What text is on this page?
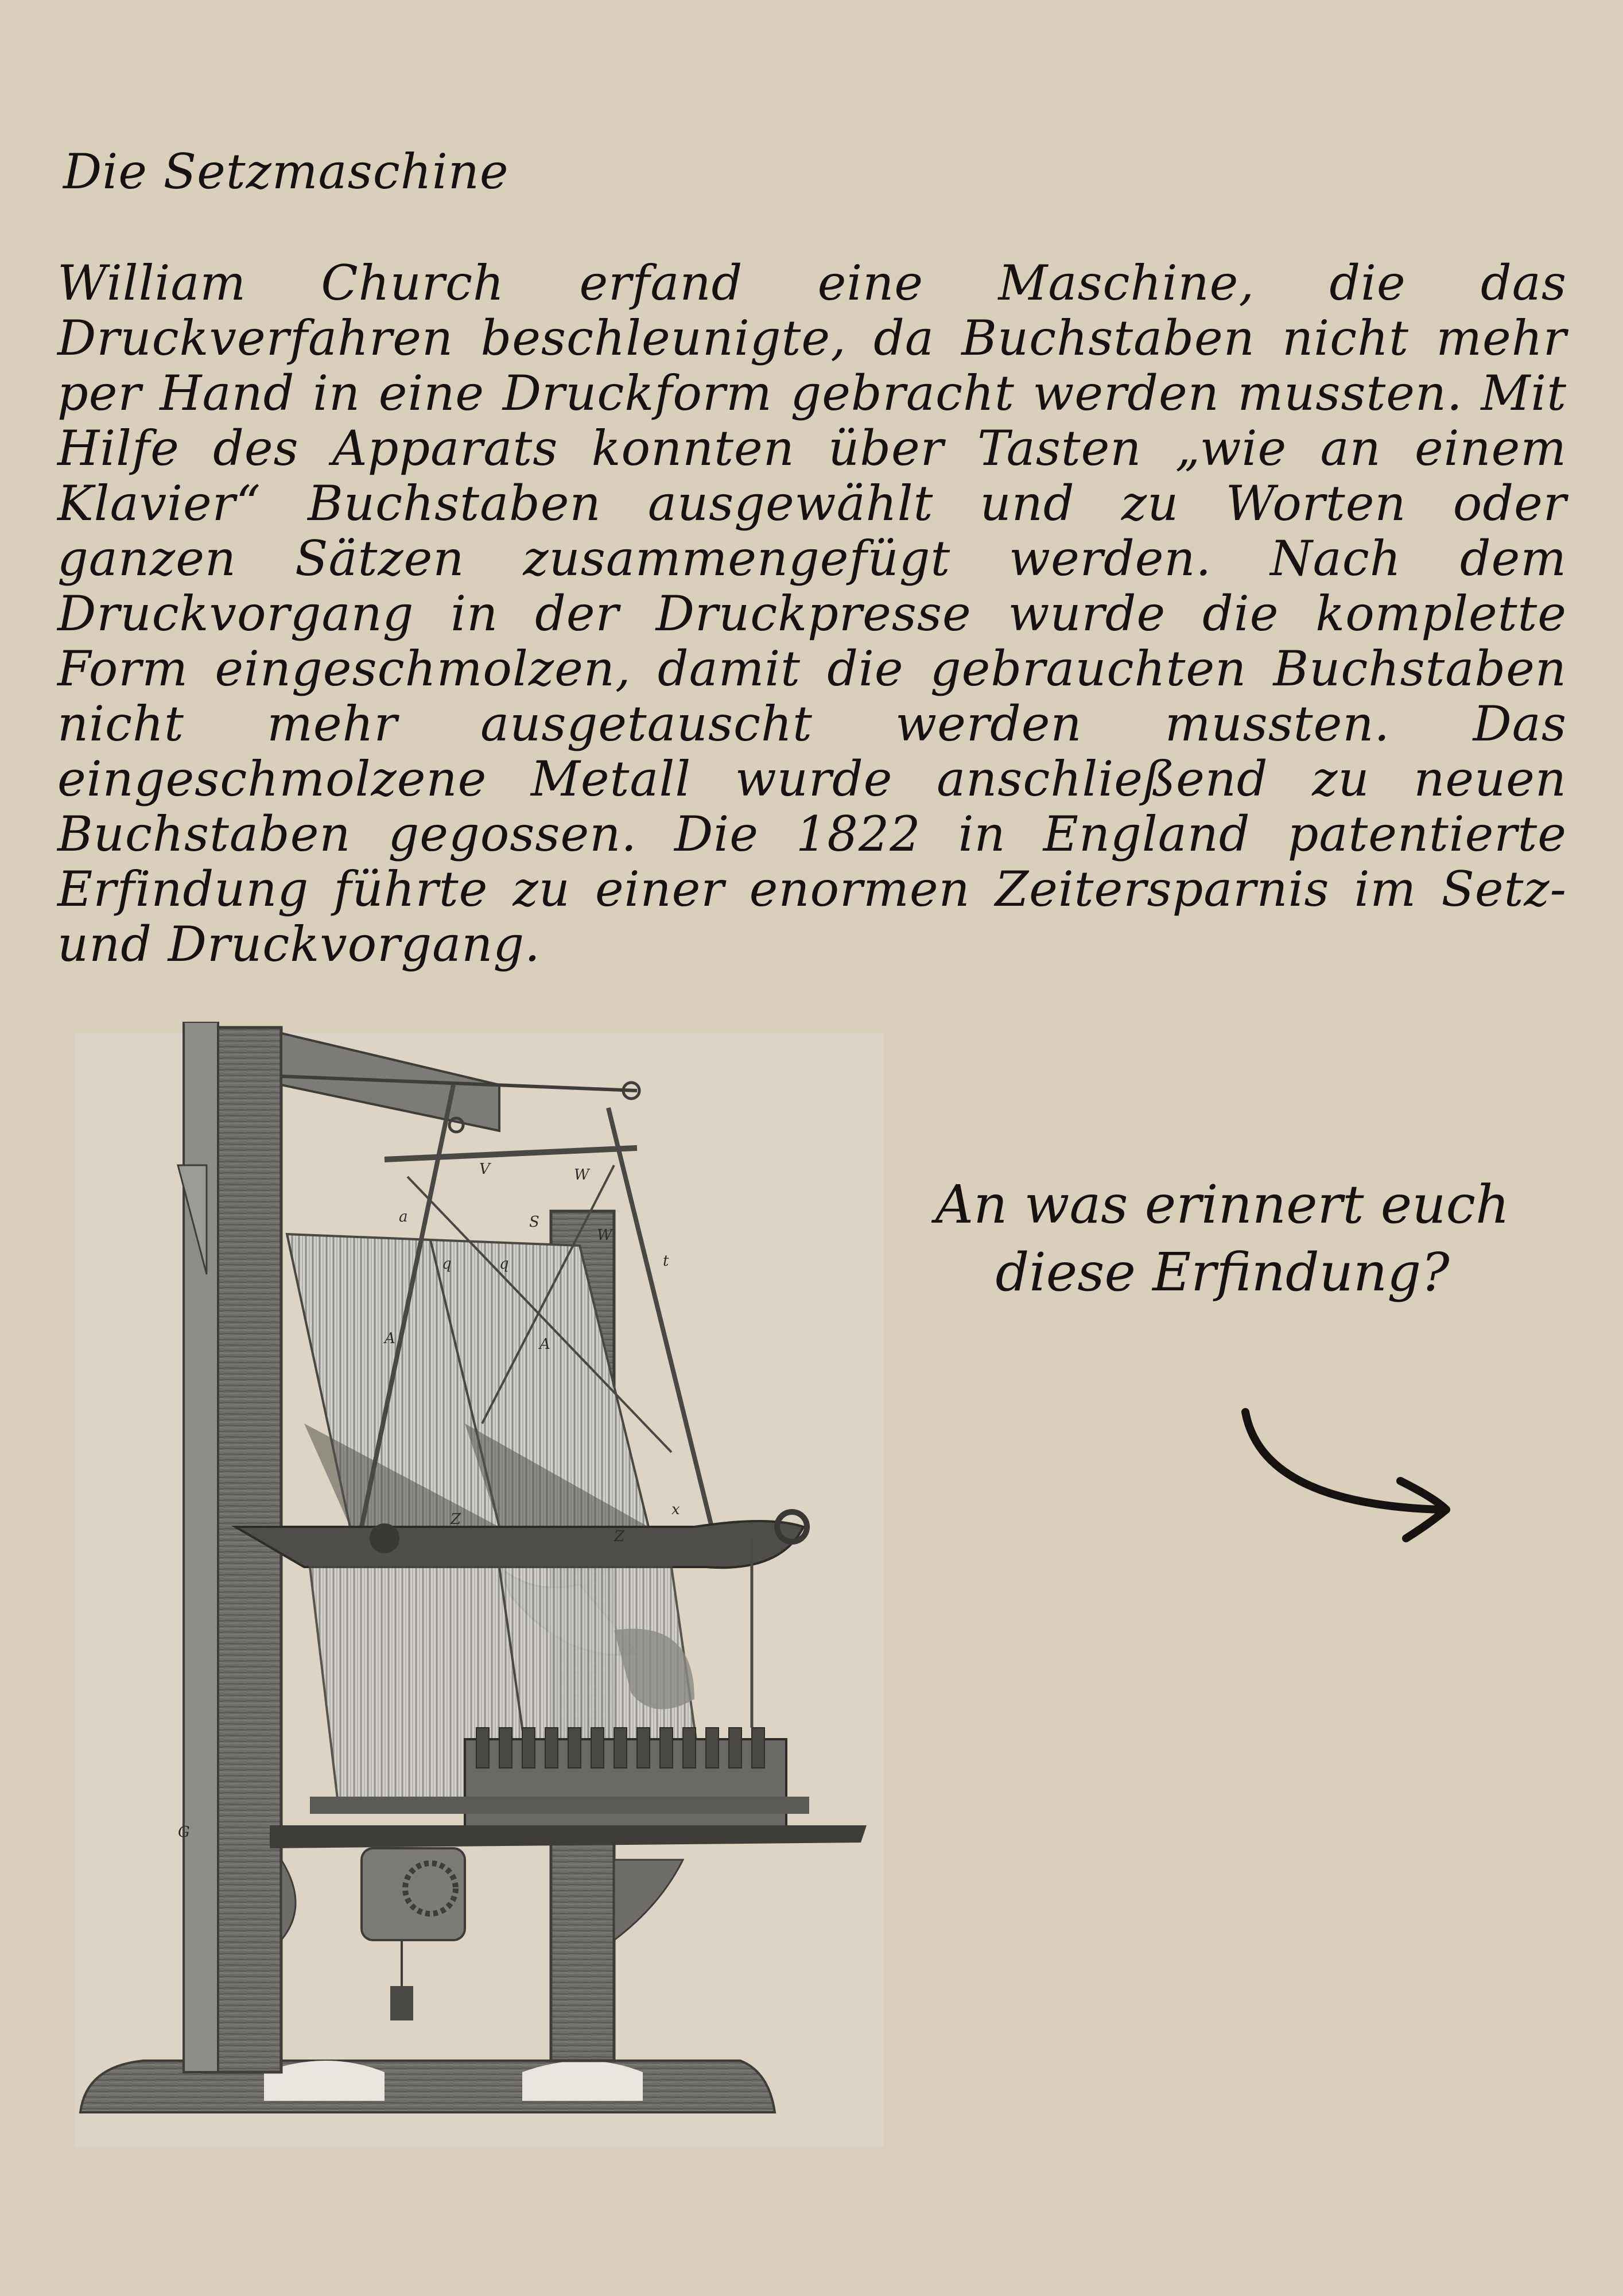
Die Setzmaschine
William Church erfand eine Maschine, die das Druckverfahren beschleunigte, da Buchstaben nicht mehr per Hand in eine Druckform gebracht werden mussten. Mit Hilfe des Apparats konnten über Tasten „wie an einem Klavier“ Buchstaben ausgewählt und zu Worten oder ganzen Sätzen zusammengefügt werden. Nach dem Druckvorgang in der Druckpresse wurde die komplette Form eingeschmolzen, damit die gebrauchten Buchstaben nicht mehr ausgetauscht werden mussten. Das eingeschmolzene Metall wurde anschließend zu neuen Buchstaben gegossen. Die 1822 in England patentierte Erfindung führte zu einer enormen Zeitersparnis im Setz- und Druckvorgang.
A	A
V	W
S
a
q	q
W
t
Z
x
Z
G
An was erinnert euch
diese Erfindung?
